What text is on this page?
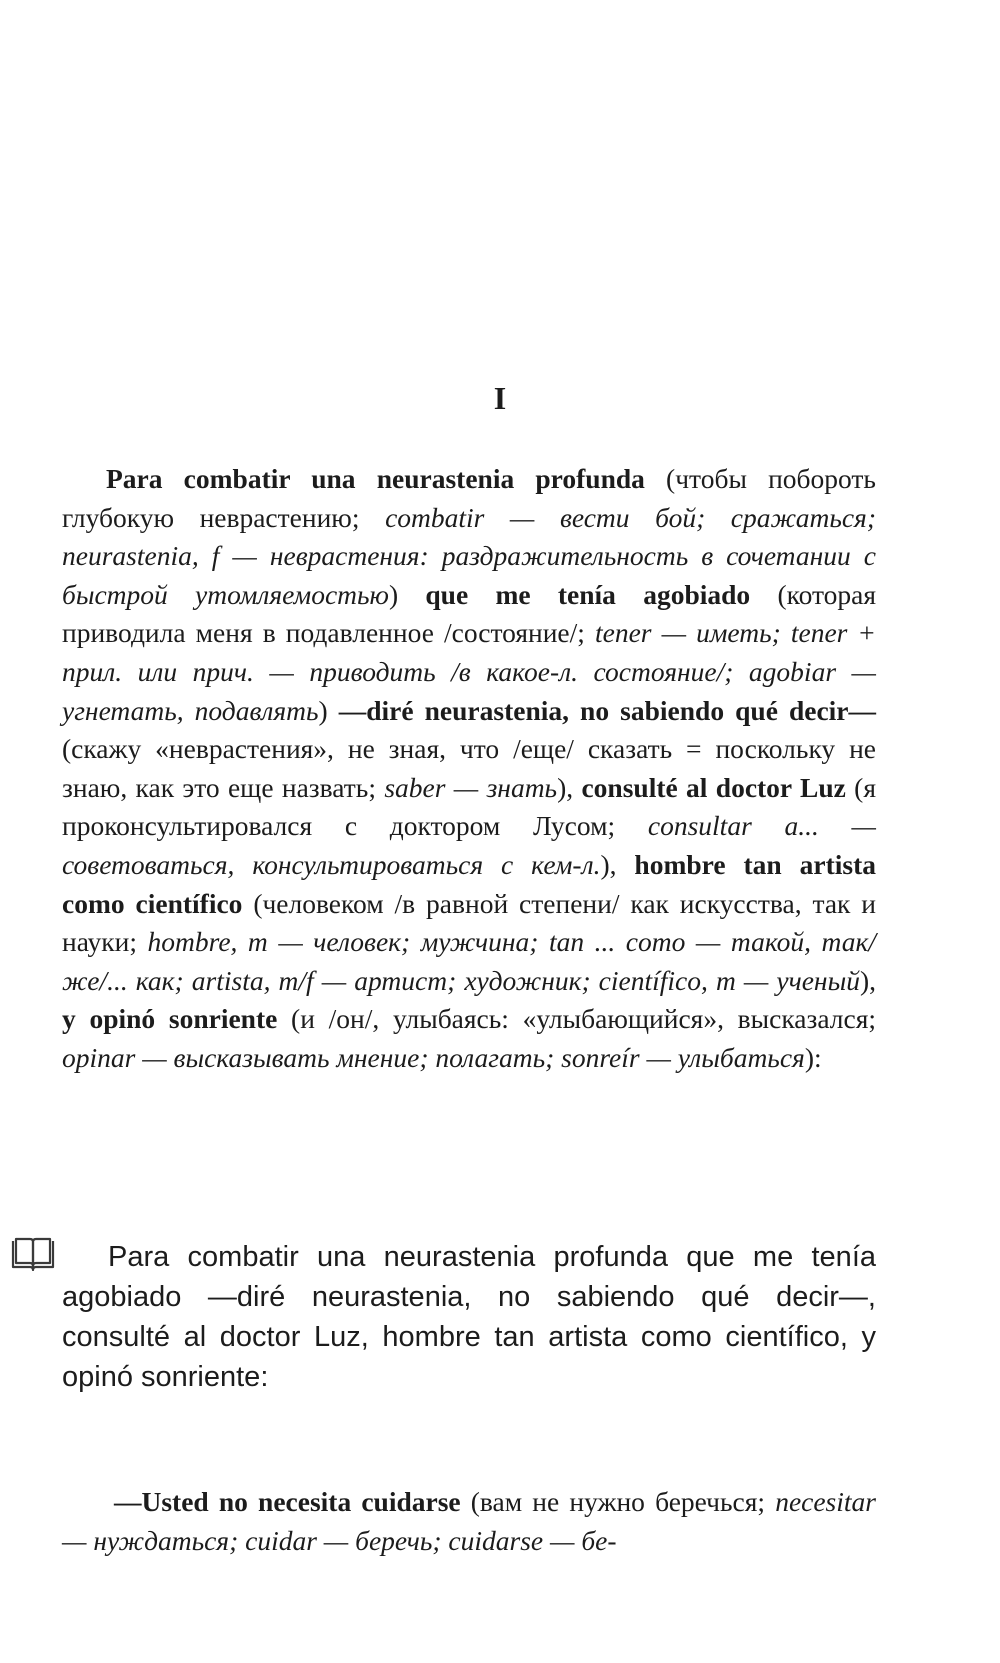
I

Para combatir una neurastenia profunda (чтобы побороть глубокую неврастению; combatir — вести бой; сражаться; neurastenia, f — неврастения: раздражительность в сочетании с быстрой утомляемостью) que me tenía agobiado (которая приводила меня в подавленное /состояние/; tener — иметь; tener + прил. или прич. — приводить /в какое-л. состояние/; agobiar — угнетать, подавлять) —diré neurastenia, no sabiendo qué decir— (скажу «неврастения», не зная, что /еще/ сказать = поскольку не знаю, как это еще назвать; saber — знать), consulté al doctor Luz (я проконсультировался с доктором Лусом; consultar a... — советоваться, консультироваться с кем-л.), hombre tan artista como científico (человеком /в равной степени/ как искусства, так и науки; hombre, m — человек; мужчина; tan ... como — такой, так/же/... как; artista, m/f — артист; художник; científico, m — ученый), y opinó sonriente (и /он/, улыбаясь: «улыбающийся», высказался; opinar — высказывать мнение; полагать; sonreír — улыбаться):

Para combatir una neurastenia profunda que me tenía agobiado —diré neurastenia, no sabiendo qué decir—, consulté al doctor Luz, hombre tan artista como científico, y opinó sonriente:

—Usted no necesita cuidarse (вам не нужно беречься; necesitar — нуждаться; cuidar — беречь; cuidarse — бе-
